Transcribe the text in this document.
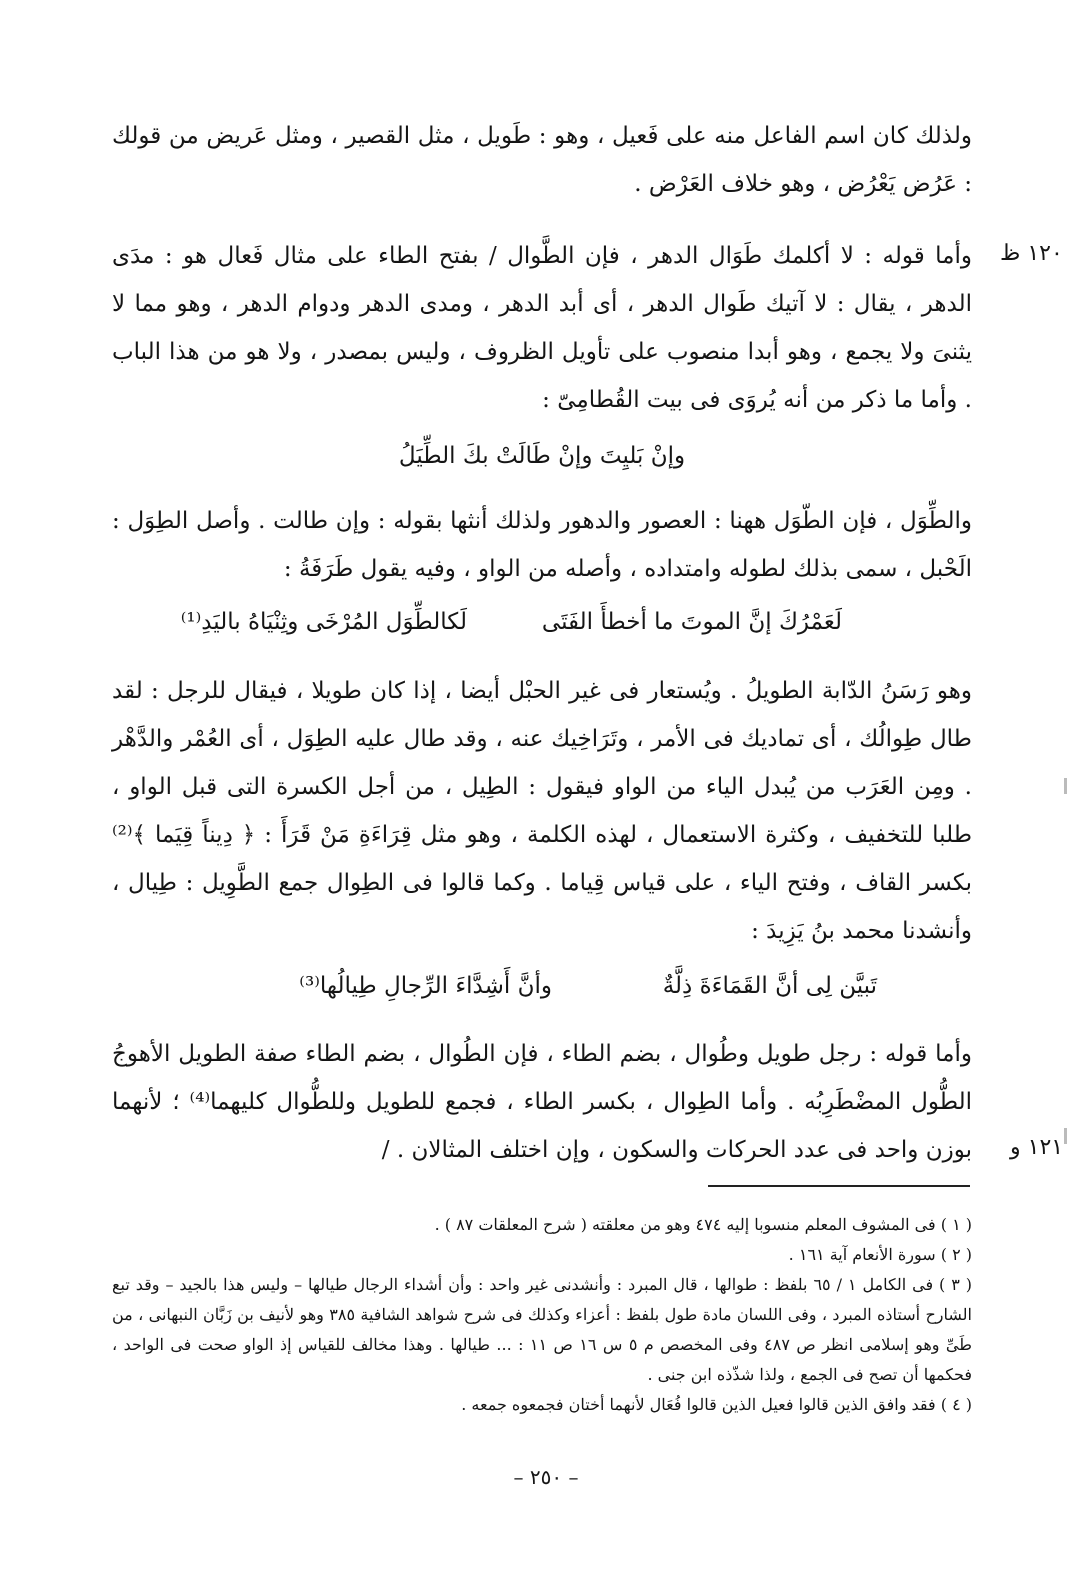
ولذلك كان اسم الفاعل منه على فَعيل ، وهو : طَويل ، مثل القصير ، ومثل عَريض من قولك : عَرُض يَعْرُض ، وهو خلاف العَرْض .

١٢٠ ظ

وأما قوله : لا أكلمك طَوَال الدهر ، فإن الطَّوال / بفتح الطاء على مثال فَعال هو : مدَى الدهر ، يقال : لا آتيك طَوال الدهر ، أى أبد الدهر ، ومدى الدهر ودوام الدهر ، وهو مما لا يثنىَ ولا يجمع ، وهو أبدا منصوب على تأويل الظروف ، وليس بمصدر ، ولا هو من هذا الباب . وأما ما ذكر من أنه يُروَى فى بيت القُطامِىّ :

وإنْ بَليِتَ وإنْ طَالَتْ بكَ الطِّيَلُ

والطِّوَل ، فإن الطّوَل ههنا : العصور والدهور ولذلك أنثها بقوله : وإن طالت . وأصل الطِوَل : الَحْبل ، سمى بذلك لطوله وامتداده ، وأصله من الواو ، وفيه يقول طَرَفَةُ :

لَعَمْرُكَ إنَّ الموتَ ما أخطأَ الفَتَى
لَكالطِّوَل المُرْخَى وثِنْيَاهُ باليَدِ⁽¹⁾

وهو رَسَنُ الدّابة الطويلُ . ويُستعار فى غير الحبْل أيضا ، إذا كان طويلا ، فيقال للرجل : لقد طال طِوالُك ، أى تماديك فى الأمر ، وتَرَاخِيك عنه ، وقد طال عليه الطِوَل ، أى العُمْر والدَّهْر . ومِن العَرَب من يُبدل الياء من الواو فيقول : الطِيل ، من أجل الكسرة التى قبل الواو ، طلبا للتخفيف ، وكثرة الاستعمال ، لهذه الكلمة ، وهو مثل قِرَاءَةِ مَنْ قَرَأَ : ﴿ دِيناً قِيَما ﴾⁽²⁾ بكسر القاف ، وفتح الياء ، على قياس قِياما . وكما قالوا فى الطِوال جمع الطَّوِيل : طِيال ، وأنشدنا محمد بنُ يَزِيدَ :

تَبيَّن لِى أنَّ القَمَاءَةَ ذِلَّةٌ
وأنَّ أَشِدَّاءَ الرِّجالِ طِيالُها⁽³⁾

وأما قوله : رجل طويل وطُوال ، بضم الطاء ، فإن الطُوال ، بضم الطاء صفة الطويل الأهوجُ الطُّول المضْطَرِبُه . وأما الطِوال ، بكسر الطاء ، فجمع للطويل وللطُّوال كليهما⁽⁴⁾ ؛ لأنهما بوزن واحد فى عدد الحركات والسكون ، وإن اختلف المثالان . / ١٢١ و

( ١ ) فى المشوف المعلم منسوبا إليه ٤٧٤ وهو من معلقته ( شرح المعلقات ٨٧ ) .

( ٢ ) سورة الأنعام آية ١٦١ .

( ٣ ) فى الكامل ١ / ٦٥ بلفظ : طوالها ، قال المبرد : وأنشدنى غير واحد : وأن أشداء الرجال طيالها – وليس هذا بالجيد – وقد تبع الشارح أستاذه المبرد ، وفى اللسان مادة طول بلفظ : أعزاء وكذلك فى شرح شواهد الشافية ٣٨٥ وهو لأنيف بن زَبَّان النبهانى ، من طَىِّ وهو إسلامى انظر ص ٤٨٧ وفى المخصص م ٥ س ١٦ ص ١١ : ... طيالها . وهذا مخالف للقياس إذ الواو صحت فى الواحد ، فحكمها أن تصح فى الجمع ، ولذا شذّذه ابن جنى .

( ٤ ) فقد وافق الذين قالوا فعيل الذين قالوا فُعَال لأنهما أختان فجمعوه جمعه .

– ٢٥٠ –
